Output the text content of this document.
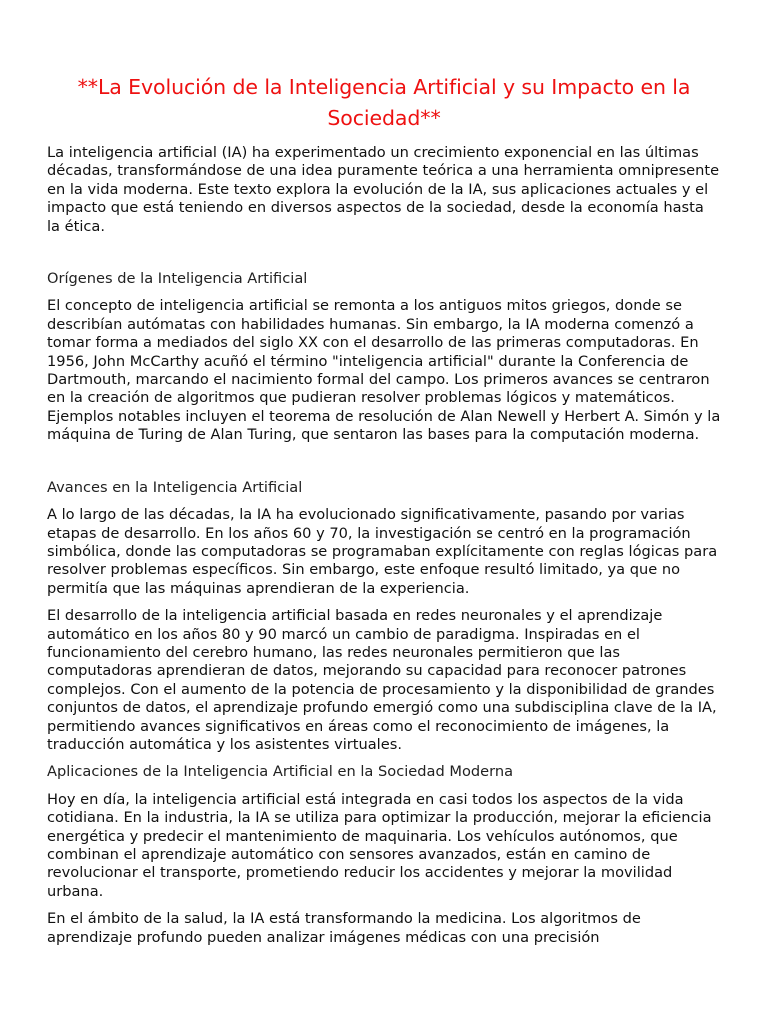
**La Evolución de la Inteligencia Artificial y su Impacto en la Sociedad**

La inteligencia artificial (IA) ha experimentado un crecimiento exponencial en las últimas décadas, transformándose de una idea puramente teórica a una herramienta omnipresente en la vida moderna. Este texto explora la evolución de la IA, sus aplicaciones actuales y el impacto que está teniendo en diversos aspectos de la sociedad, desde la economía hasta la ética.

Orígenes de la Inteligencia Artificial

El concepto de inteligencia artificial se remonta a los antiguos mitos griegos, donde se describían autómatas con habilidades humanas. Sin embargo, la IA moderna comenzó a tomar forma a mediados del siglo XX con el desarrollo de las primeras computadoras. En 1956, John McCarthy acuñó el término "inteligencia artificial" durante la Conferencia de Dartmouth, marcando el nacimiento formal del campo. Los primeros avances se centraron en la creación de algoritmos que pudieran resolver problemas lógicos y matemáticos. Ejemplos notables incluyen el teorema de resolución de Alan Newell y Herbert A. Simón y la máquina de Turing de Alan Turing, que sentaron las bases para la computación moderna.

Avances en la Inteligencia Artificial

A lo largo de las décadas, la IA ha evolucionado significativamente, pasando por varias etapas de desarrollo. En los años 60 y 70, la investigación se centró en la programación simbólica, donde las computadoras se programaban explícitamente con reglas lógicas para resolver problemas específicos. Sin embargo, este enfoque resultó limitado, ya que no permitía que las máquinas aprendieran de la experiencia.

El desarrollo de la inteligencia artificial basada en redes neuronales y el aprendizaje automático en los años 80 y 90 marcó un cambio de paradigma. Inspiradas en el funcionamiento del cerebro humano, las redes neuronales permitieron que las computadoras aprendieran de datos, mejorando su capacidad para reconocer patrones complejos. Con el aumento de la potencia de procesamiento y la disponibilidad de grandes conjuntos de datos, el aprendizaje profundo emergió como una subdisciplina clave de la IA, permitiendo avances significativos en áreas como el reconocimiento de imágenes, la traducción automática y los asistentes virtuales.

Aplicaciones de la Inteligencia Artificial en la Sociedad Moderna

Hoy en día, la inteligencia artificial está integrada en casi todos los aspectos de la vida cotidiana. En la industria, la IA se utiliza para optimizar la producción, mejorar la eficiencia energética y predecir el mantenimiento de maquinaria. Los vehículos autónomos, que combinan el aprendizaje automático con sensores avanzados, están en camino de revolucionar el transporte, prometiendo reducir los accidentes y mejorar la movilidad urbana.

En el ámbito de la salud, la IA está transformando la medicina. Los algoritmos de aprendizaje profundo pueden analizar imágenes médicas con una precisión
